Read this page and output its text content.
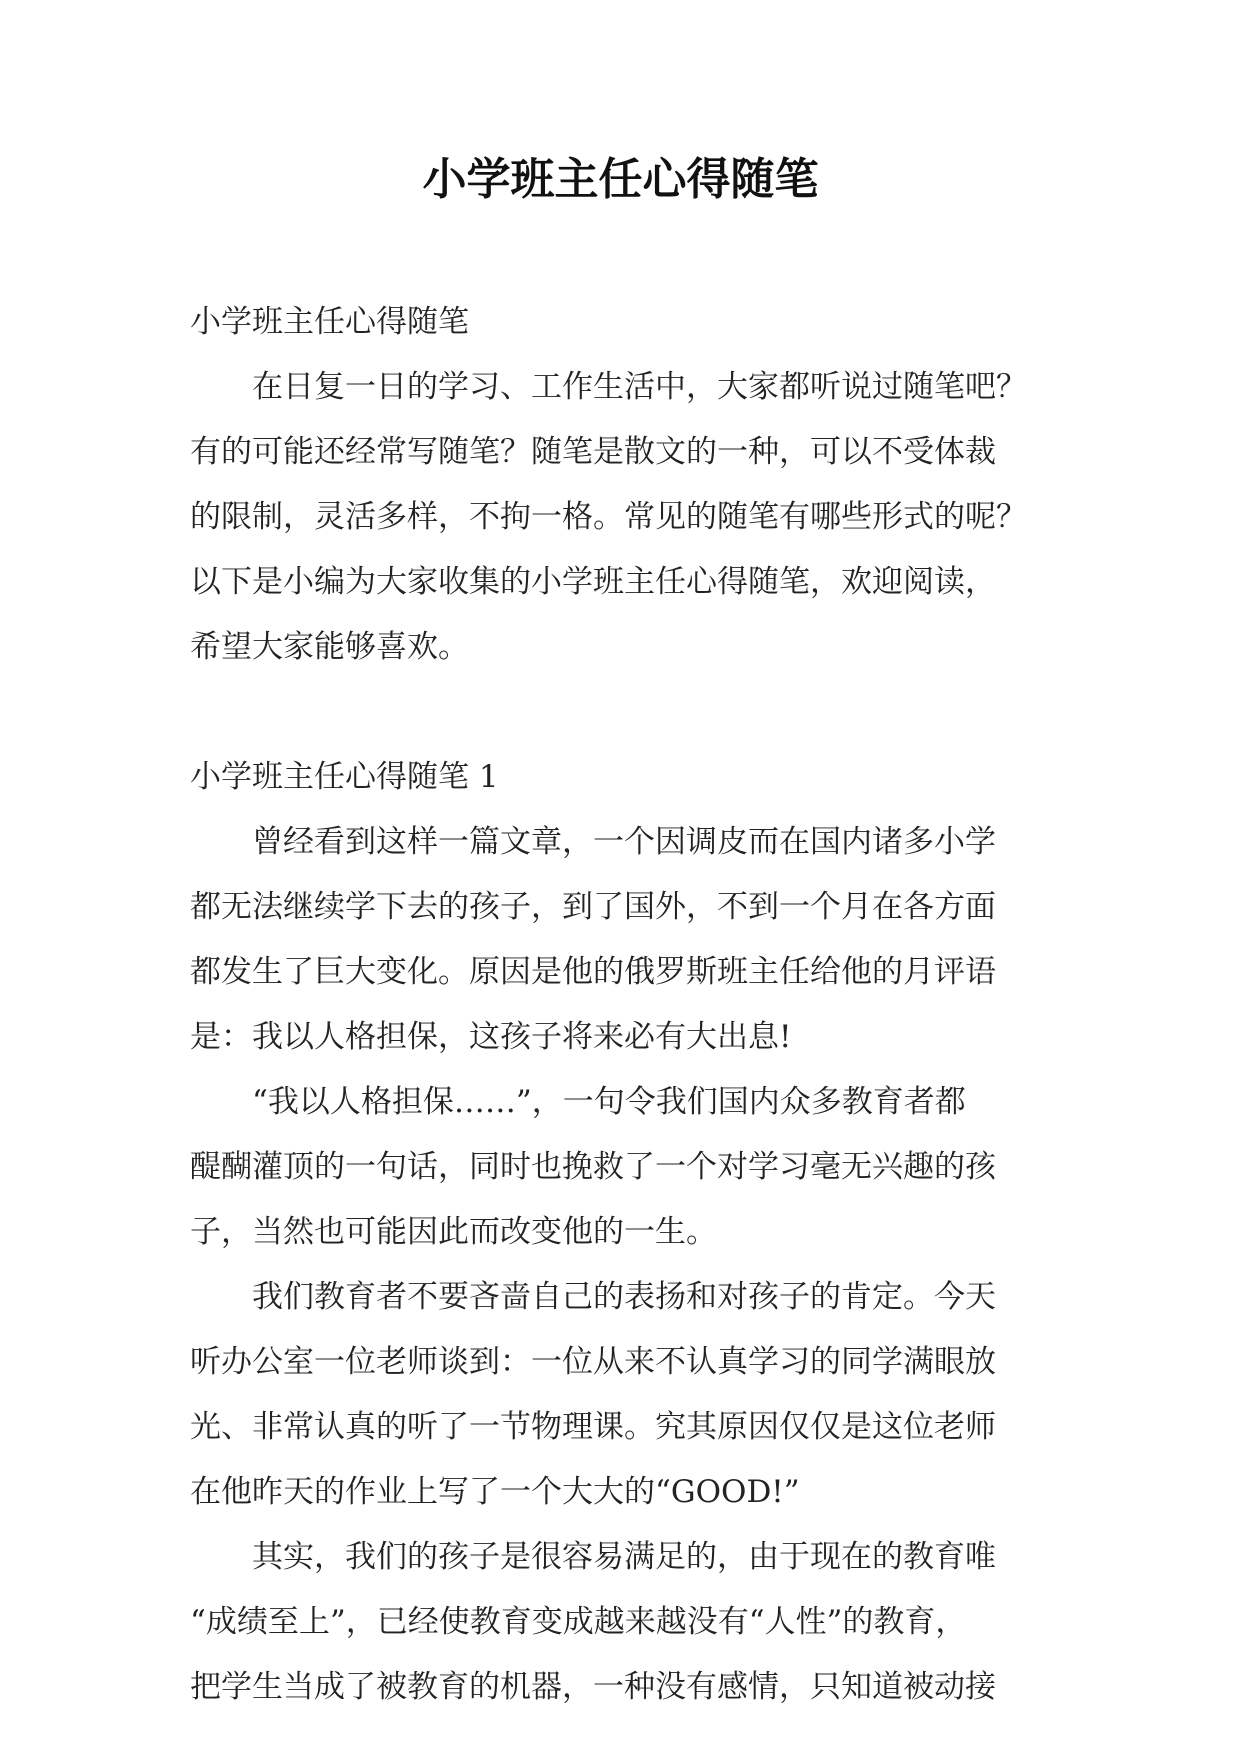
小学班主任心得随笔
小学班主任心得随笔
在日复一日的学习、工作生活中，大家都听说过随笔吧？
有的可能还经常写随笔？随笔是散文的一种，可以不受体裁
的限制，灵活多样，不拘一格。常见的随笔有哪些形式的呢？
以下是小编为大家收集的小学班主任心得随笔，欢迎阅读，
希望大家能够喜欢。
小学班主任心得随笔 1
曾经看到这样一篇文章，一个因调皮而在国内诸多小学
都无法继续学下去的孩子，到了国外，不到一个月在各方面
都发生了巨大变化。原因是他的俄罗斯班主任给他的月评语
是：我以人格担保，这孩子将来必有大出息!
“我以人格担保……”，一句令我们国内众多教育者都
醍醐灌顶的一句话，同时也挽救了一个对学习毫无兴趣的孩
子，当然也可能因此而改变他的一生。
我们教育者不要吝啬自己的表扬和对孩子的肯定。今天
听办公室一位老师谈到：一位从来不认真学习的同学满眼放
光、非常认真的听了一节物理课。究其原因仅仅是这位老师
在他昨天的作业上写了一个大大的“GOOD!”
其实，我们的孩子是很容易满足的，由于现在的教育唯
“成绩至上”，已经使教育变成越来越没有“人性”的教育，
把学生当成了被教育的机器，一种没有感情，只知道被动接
